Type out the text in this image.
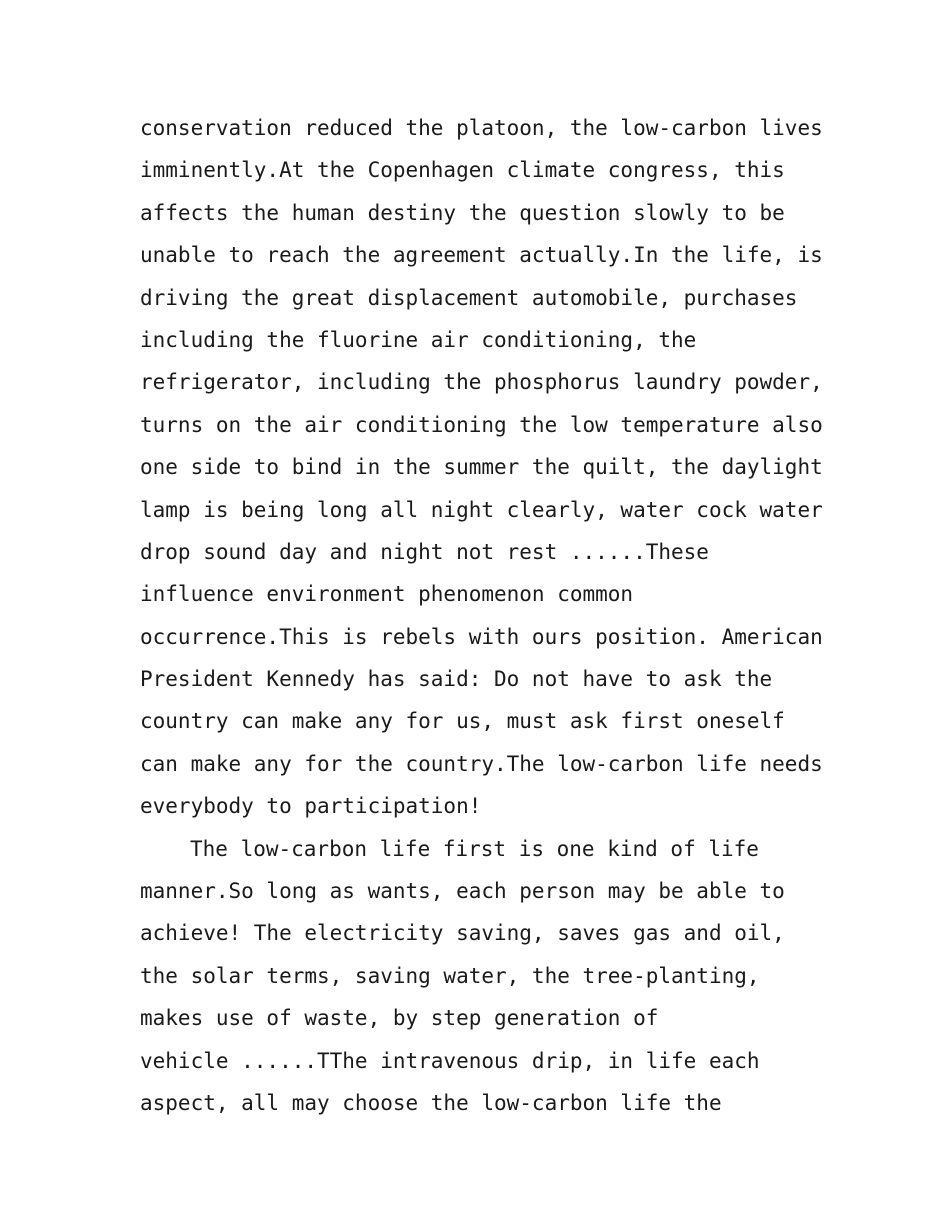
conservation reduced the platoon, the low-carbon lives
imminently.At the Copenhagen climate congress, this
affects the human destiny the question slowly to be
unable to reach the agreement actually.In the life, is
driving the great displacement automobile, purchases
including the fluorine air conditioning, the
refrigerator, including the phosphorus laundry powder,
turns on the air conditioning the low temperature also
one side to bind in the summer the quilt, the daylight
lamp is being long all night clearly, water cock water
drop sound day and night not rest ......These
influence environment phenomenon common
occurrence.This is rebels with ours position. American
President Kennedy has said: Do not have to ask the
country can make any for us, must ask first oneself
can make any for the country.The low-carbon life needs
everybody to participation!
The low-carbon life first is one kind of life
manner.So long as wants, each person may be able to
achieve! The electricity saving, saves gas and oil,
the solar terms, saving water, the tree-planting,
makes use of waste, by step generation of
vehicle ......TThe intravenous drip, in life each
aspect, all may choose the low-carbon life the
